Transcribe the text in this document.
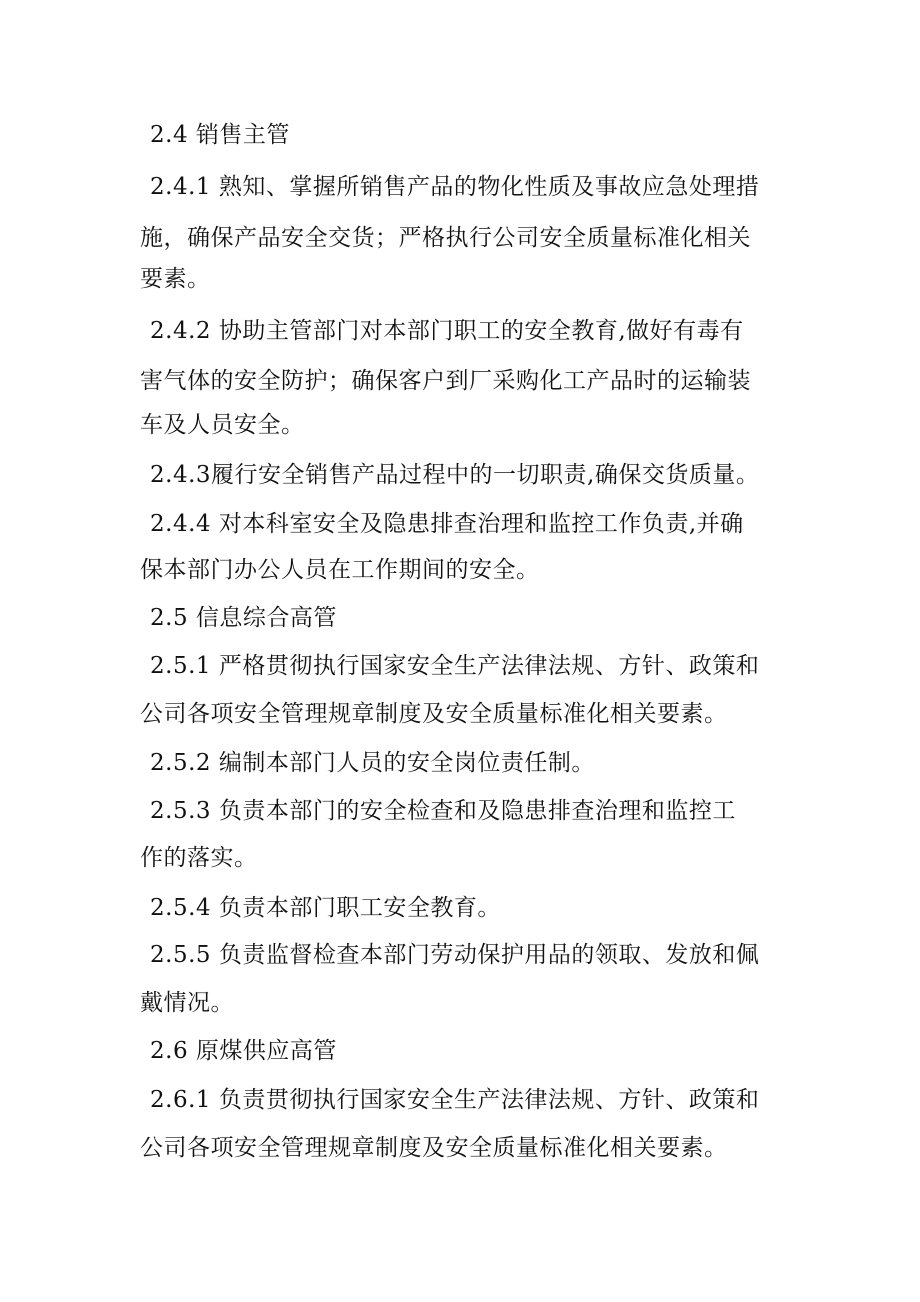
2.4 销售主管
2.4.1 熟知、掌握所销售产品的物化性质及事故应急处理措
施，确保产品安全交货；严格执行公司安全质量标准化相关
要素。
2.4.2 协助主管部门对本部门职工的安全教育,做好有毒有
害气体的安全防护；确保客户到厂采购化工产品时的运输装
车及人员安全。
2.4.3履行安全销售产品过程中的一切职责,确保交货质量。
2.4.4 对本科室安全及隐患排查治理和监控工作负责,并确
保本部门办公人员在工作期间的安全。
2.5 信息综合高管
2.5.1 严格贯彻执行国家安全生产法律法规、方针、政策和
公司各项安全管理规章制度及安全质量标准化相关要素。
2.5.2 编制本部门人员的安全岗位责任制。
2.5.3 负责本部门的安全检查和及隐患排查治理和监控工
作的落实。
2.5.4 负责本部门职工安全教育。
2.5.5 负责监督检查本部门劳动保护用品的领取、发放和佩
戴情况。
2.6 原煤供应高管
2.6.1 负责贯彻执行国家安全生产法律法规、方针、政策和
公司各项安全管理规章制度及安全质量标准化相关要素。
